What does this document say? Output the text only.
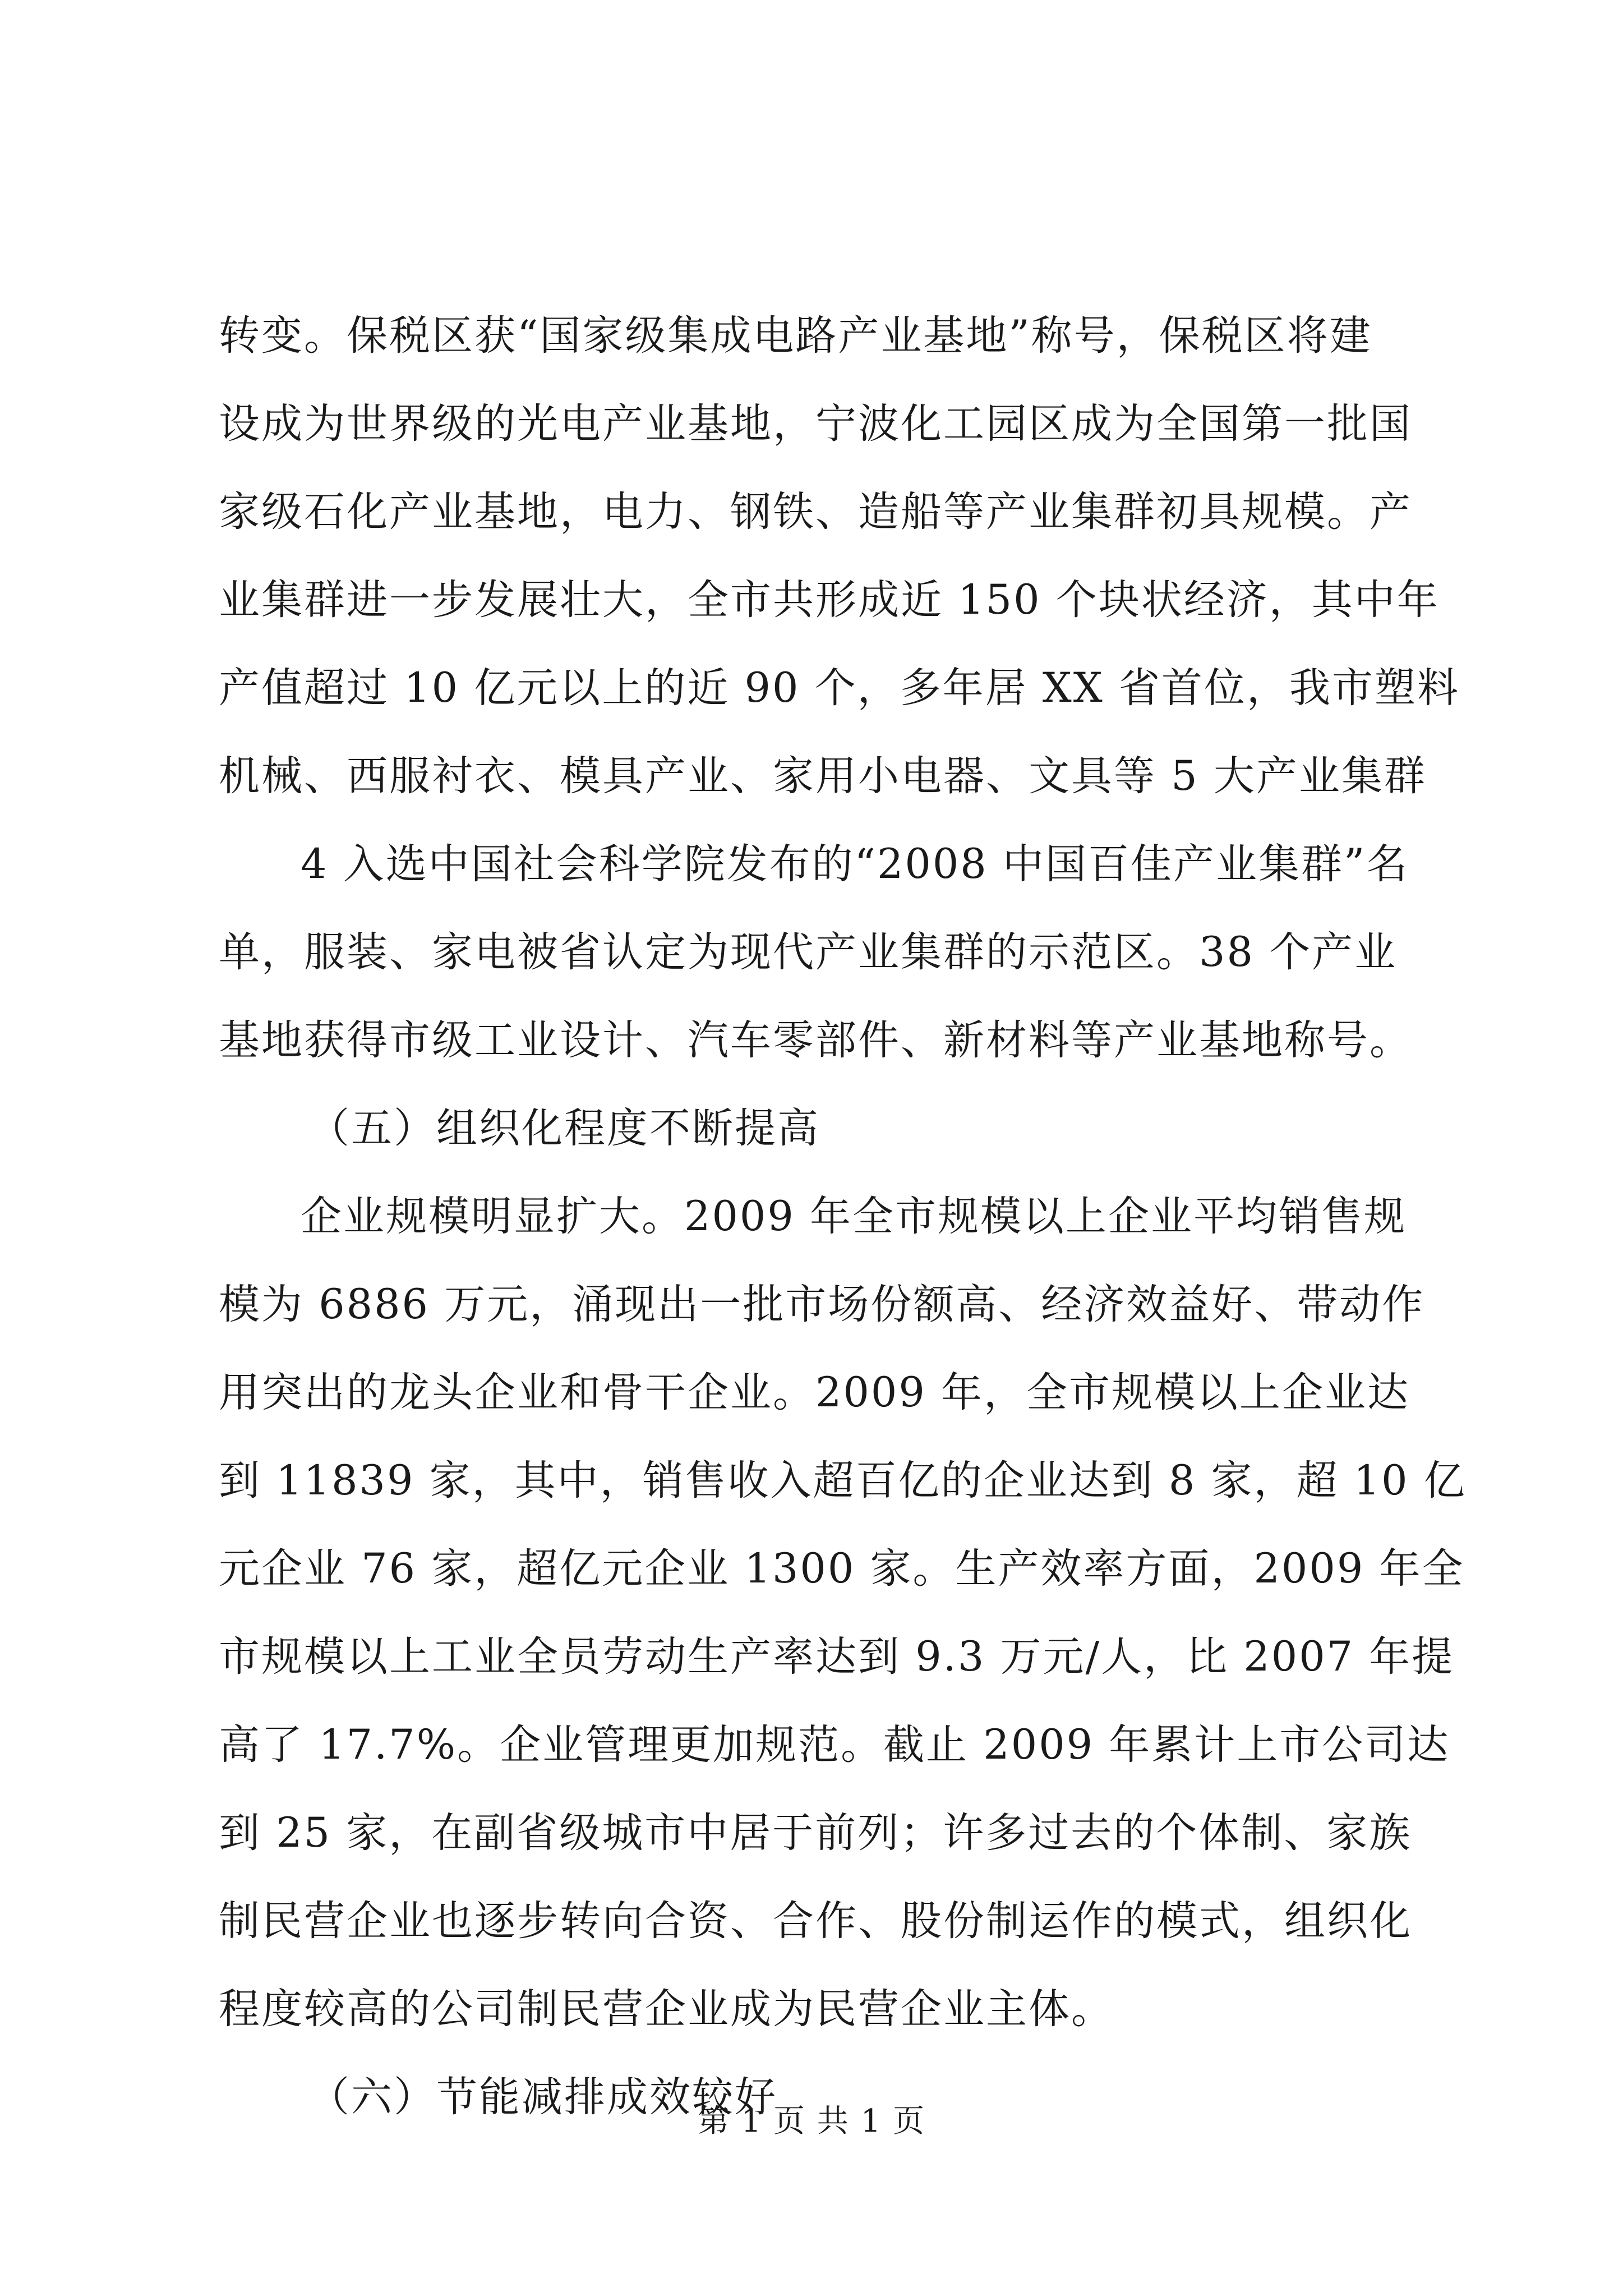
转变。保税区获“国家级集成电路产业基地”称号，保税区将建
设成为世界级的光电产业基地，宁波化工园区成为全国第一批国
家级石化产业基地，电力、钢铁、造船等产业集群初具规模。产
业集群进一步发展壮大，全市共形成近 150 个块状经济，其中年
产值超过 10 亿元以上的近 90 个，多年居 XX 省首位，我市塑料
机械、西服衬衣、模具产业、家用小电器、文具等 5 大产业集群
4 入选中国社会科学院发布的“2008 中国百佳产业集群”名
单，服装、家电被省认定为现代产业集群的示范区。38 个产业
基地获得市级工业设计、汽车零部件、新材料等产业基地称号。
（五）组织化程度不断提高
企业规模明显扩大。2009 年全市规模以上企业平均销售规
模为 6886 万元，涌现出一批市场份额高、经济效益好、带动作
用突出的龙头企业和骨干企业。2009 年，全市规模以上企业达
到 11839 家，其中，销售收入超百亿的企业达到 8 家，超 10 亿
元企业 76 家，超亿元企业 1300 家。生产效率方面，2009 年全
市规模以上工业全员劳动生产率达到 9.3 万元/人，比 2007 年提
高了 17.7%。企业管理更加规范。截止 2009 年累计上市公司达
到 25 家，在副省级城市中居于前列；许多过去的个体制、家族
制民营企业也逐步转向合资、合作、股份制运作的模式，组织化
程度较高的公司制民营企业成为民营企业主体。
（六）节能减排成效较好
第 1 页 共 1 页
